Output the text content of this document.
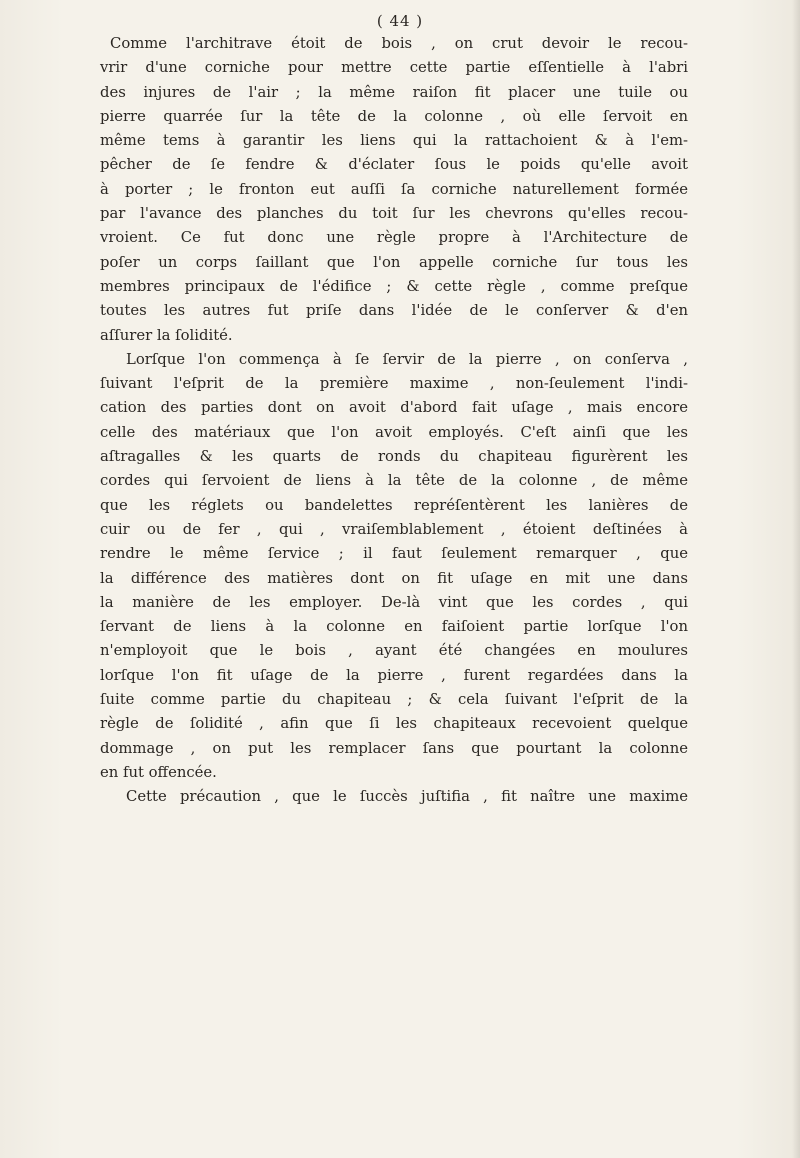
( 44 )
Comme l'architrave étoit de bois , on crut devoir le recou-
vrir d'une corniche pour mettre cette partie eſſentielle à l'abri
des injures de l'air ; la même raiſon fit placer une tuile ou
pierre quarrée ſur la tête de la colonne , où elle ſervoit en
même tems à garantir les liens qui la rattachoient & à l'em-
pêcher de ſe fendre & d'éclater ſous le poids qu'elle avoit
à porter ; le fronton eut auſſi ſa corniche naturellement formée
par l'avance des planches du toit ſur les chevrons qu'elles recou-
vroient. Ce fut donc une règle propre à l'Architecture de
poſer un corps ſaillant que l'on appelle corniche ſur tous les
membres principaux de l'édifice ; & cette règle , comme preſque
toutes les autres fut priſe dans l'idée de le conſerver & d'en
aſſurer la ſolidité.
Lorſque l'on commença à ſe ſervir de la pierre , on conſerva ,
ſuivant l'eſprit de la première maxime , non-ſeulement l'indi-
cation des parties dont on avoit d'abord fait uſage , mais encore
celle des matériaux que l'on avoit employés. C'eſt ainſi que les
aſtragalles & les quarts de ronds du chapiteau figurèrent les
cordes qui ſervoient de liens à la tête de la colonne , de même
que les réglets ou bandelettes repréſentèrent les lanières de
cuir ou de fer , qui , vraiſemblablement , étoient deſtinées à
rendre le même ſervice ; il faut ſeulement remarquer , que
la différence des matières dont on fit uſage en mit une dans
la manière de les employer. De-là vint que les cordes , qui
ſervant de liens à la colonne en faiſoient partie lorſque l'on
n'employoit que le bois , ayant été changées en moulures
lorſque l'on fit uſage de la pierre , furent regardées dans la
ſuite comme partie du chapiteau ; & cela ſuivant l'eſprit de la
règle de ſolidité , afin que ſi les chapiteaux recevoient quelque
dommage , on put les remplacer ſans que pourtant la colonne
en fut offencée.
Cette précaution , que le ſuccès juſtifia , fit naître une maxime
